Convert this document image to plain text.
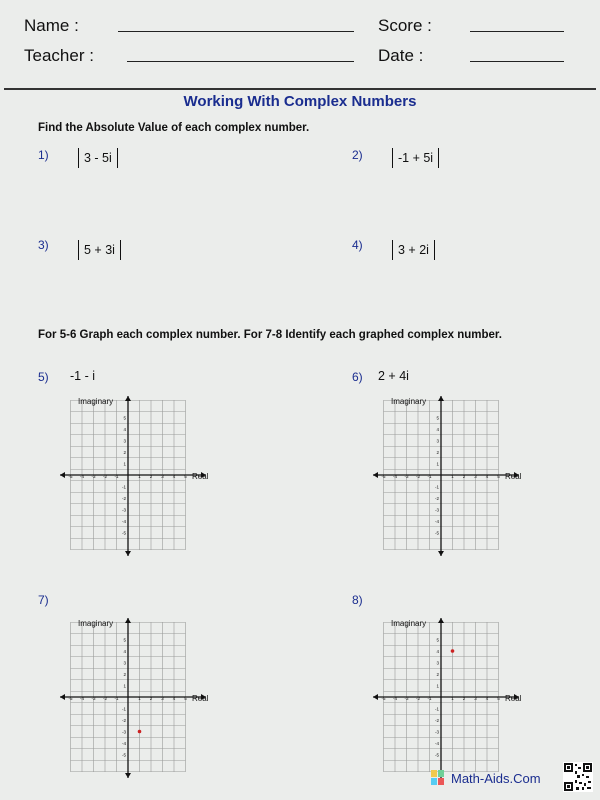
Name :	Score :
Teacher :	Date :
Working With Complex Numbers
Find the Absolute Value of each complex number.
1)	3 - 5i	2)	-1 + 5i
3)	5 + 3i	4)	3 + 2i
For 5-6 Graph each complex number. For 7-8 Identify each graphed complex number.
5) -1 - i	6) 2 + 4i
7)	8)
Imaginary
Real
-5 -4 -3 -2 -1	1 2 3 4 5
5
4
3
2
1
-1
-2
-3
-4
-5
Imaginary
Real
-5 -4 -3 -2 -1	1 2 3 4 5
5
4
3
2
1
-1
-2
-3
-4
-5
Imaginary
Real
-5 -4 -3 -2 -1	1 2 3 4 5
5
4
3
2
1
-1
-2
-3
-4
-5
Imaginary
Real
-5 -4 -3 -2 -1	1 2 3 4 5
5
4
3
2
1
-1
-2
-3
-4
-5
Math-Aids.Com
